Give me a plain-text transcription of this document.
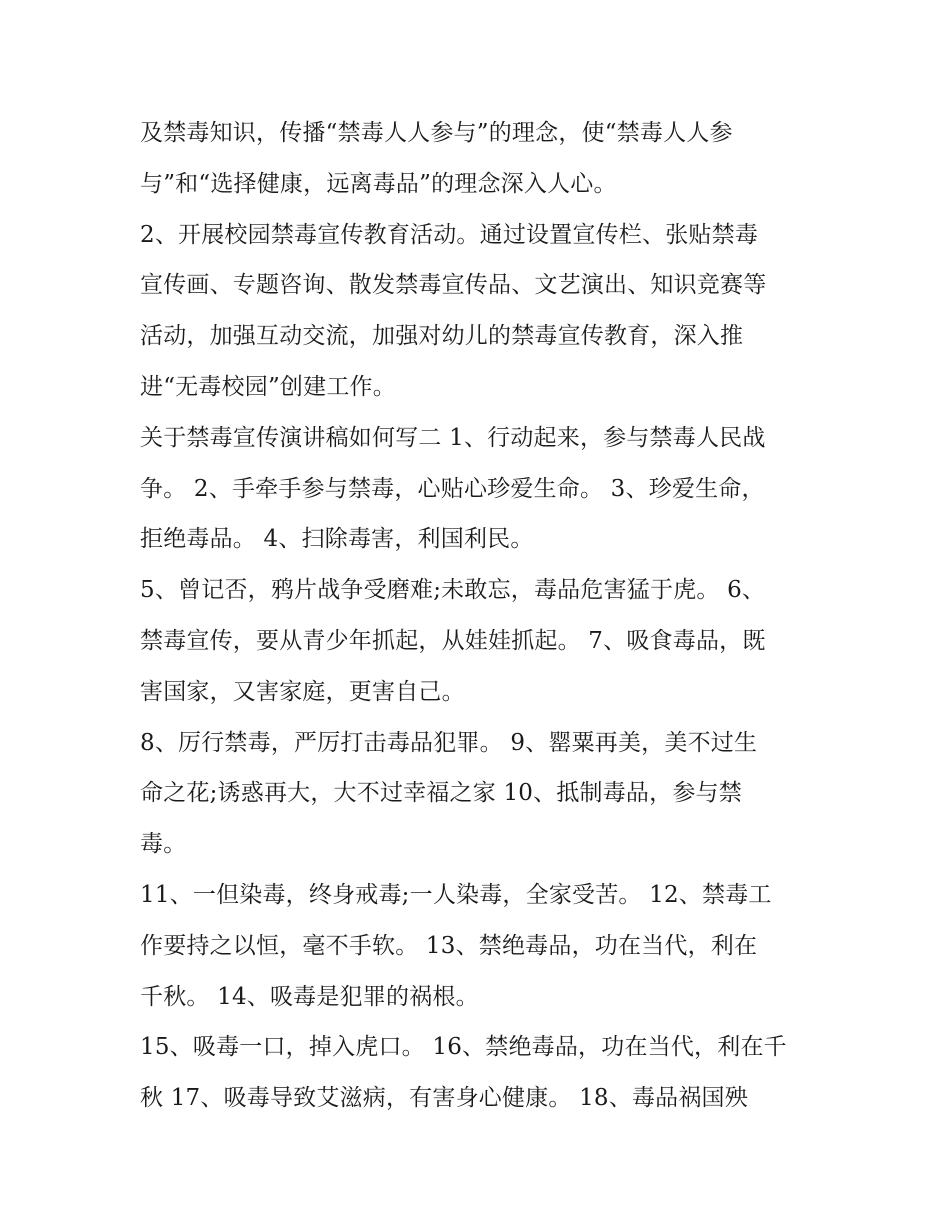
及禁毒知识，传播“禁毒人人参与”的理念，使“禁毒人人参
与”和“选择健康，远离毒品”的理念深入人心。
2、开展校园禁毒宣传教育活动。通过设置宣传栏、张贴禁毒
宣传画、专题咨询、散发禁毒宣传品、文艺演出、知识竞赛等
活动，加强互动交流，加强对幼儿的禁毒宣传教育，深入推
进“无毒校园”创建工作。
关于禁毒宣传演讲稿如何写二 1、行动起来，参与禁毒人民战
争。 2、手牵手参与禁毒，心贴心珍爱生命。 3、珍爱生命，
拒绝毒品。 4、扫除毒害，利国利民。
5、曾记否，鸦片战争受磨难;未敢忘，毒品危害猛于虎。 6、
禁毒宣传，要从青少年抓起，从娃娃抓起。 7、吸食毒品，既
害国家，又害家庭，更害自己。
8、厉行禁毒，严厉打击毒品犯罪。 9、罂粟再美，美不过生
命之花;诱惑再大，大不过幸福之家 10、抵制毒品，参与禁
毒。
11、一但染毒，终身戒毒;一人染毒，全家受苦。 12、禁毒工
作要持之以恒，毫不手软。 13、禁绝毒品，功在当代，利在
千秋。 14、吸毒是犯罪的祸根。
15、吸毒一口，掉入虎口。 16、禁绝毒品，功在当代，利在千
秋 17、吸毒导致艾滋病，有害身心健康。 18、毒品祸国殃
